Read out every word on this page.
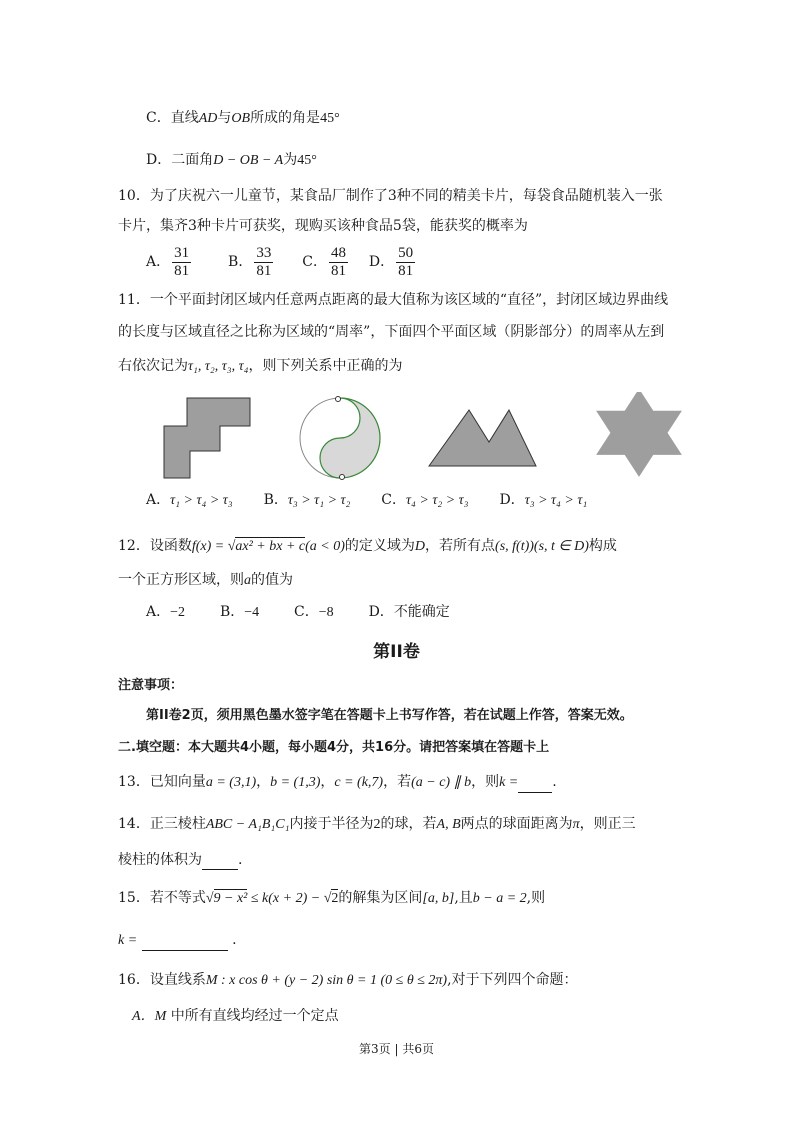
C．直线AD与OB所成的角是45°
D．二面角D − OB − A为45°
10．为了庆祝六一儿童节，某食品厂制作了3种不同的精美卡片，每袋食品随机装入一张
卡片，集齐3种卡片可获奖，现购买该种食品5袋，能获奖的概率为
A． $\frac{31}{81}$	B． $\frac{33}{81}$ C． $\frac{48}{81}$ D． $\frac{50}{81}$
11．一个平面封闭区域内任意两点距离的最大值称为该区域的“直径”，封闭区域边界曲线
的长度与区域直径之比称为区域的“周率”，下面四个平面区域（阴影部分）的周率从左到
右依次记为τ₁, τ₂, τ₃, τ₄，则下列关系中正确的为
A．τ₁ > τ₄ > τ₃ B．τ₃ > τ₁ > τ₂ C．τ₄ > τ₂ > τ₃ D．τ₃ > τ₄ > τ₁
12．设函数f(x) = √ax² + bx + c(a < 0)的定义域为D，若所有点(s, f(t))(s, t ∈ D)构成
一个正方形区域，则a的值为
A．−2 B．−4 C．−8 D．不能确定
第II卷
注意事项：
第II卷2页，须用黑色墨水签字笔在答题卡上书写作答，若在试题上作答，答案无效。
二.填空题：本大题共4小题，每小题4分，共16分。请把答案填在答题卡上
13．已知向量a = (3,1)，b = (1,3)，c = (k,7)，若(a − c) ∥ b，则k = .
14．正三棱柱ABC − A₁B₁C₁内接于半径为2的球，若A, B两点的球面距离为π，则正三
棱柱的体积为	.
15．若不等式√9 − x² ≤ k(x + 2) − √2的解集为区间[a, b],且b − a = 2,则
k =	.
16．设直线系M : x cos θ + (y − 2) sin θ = 1 (0 ≤ θ ≤ 2π),对于下列四个命题：
A．M 中所有直线均经过一个定点
第3页 | 共6页
